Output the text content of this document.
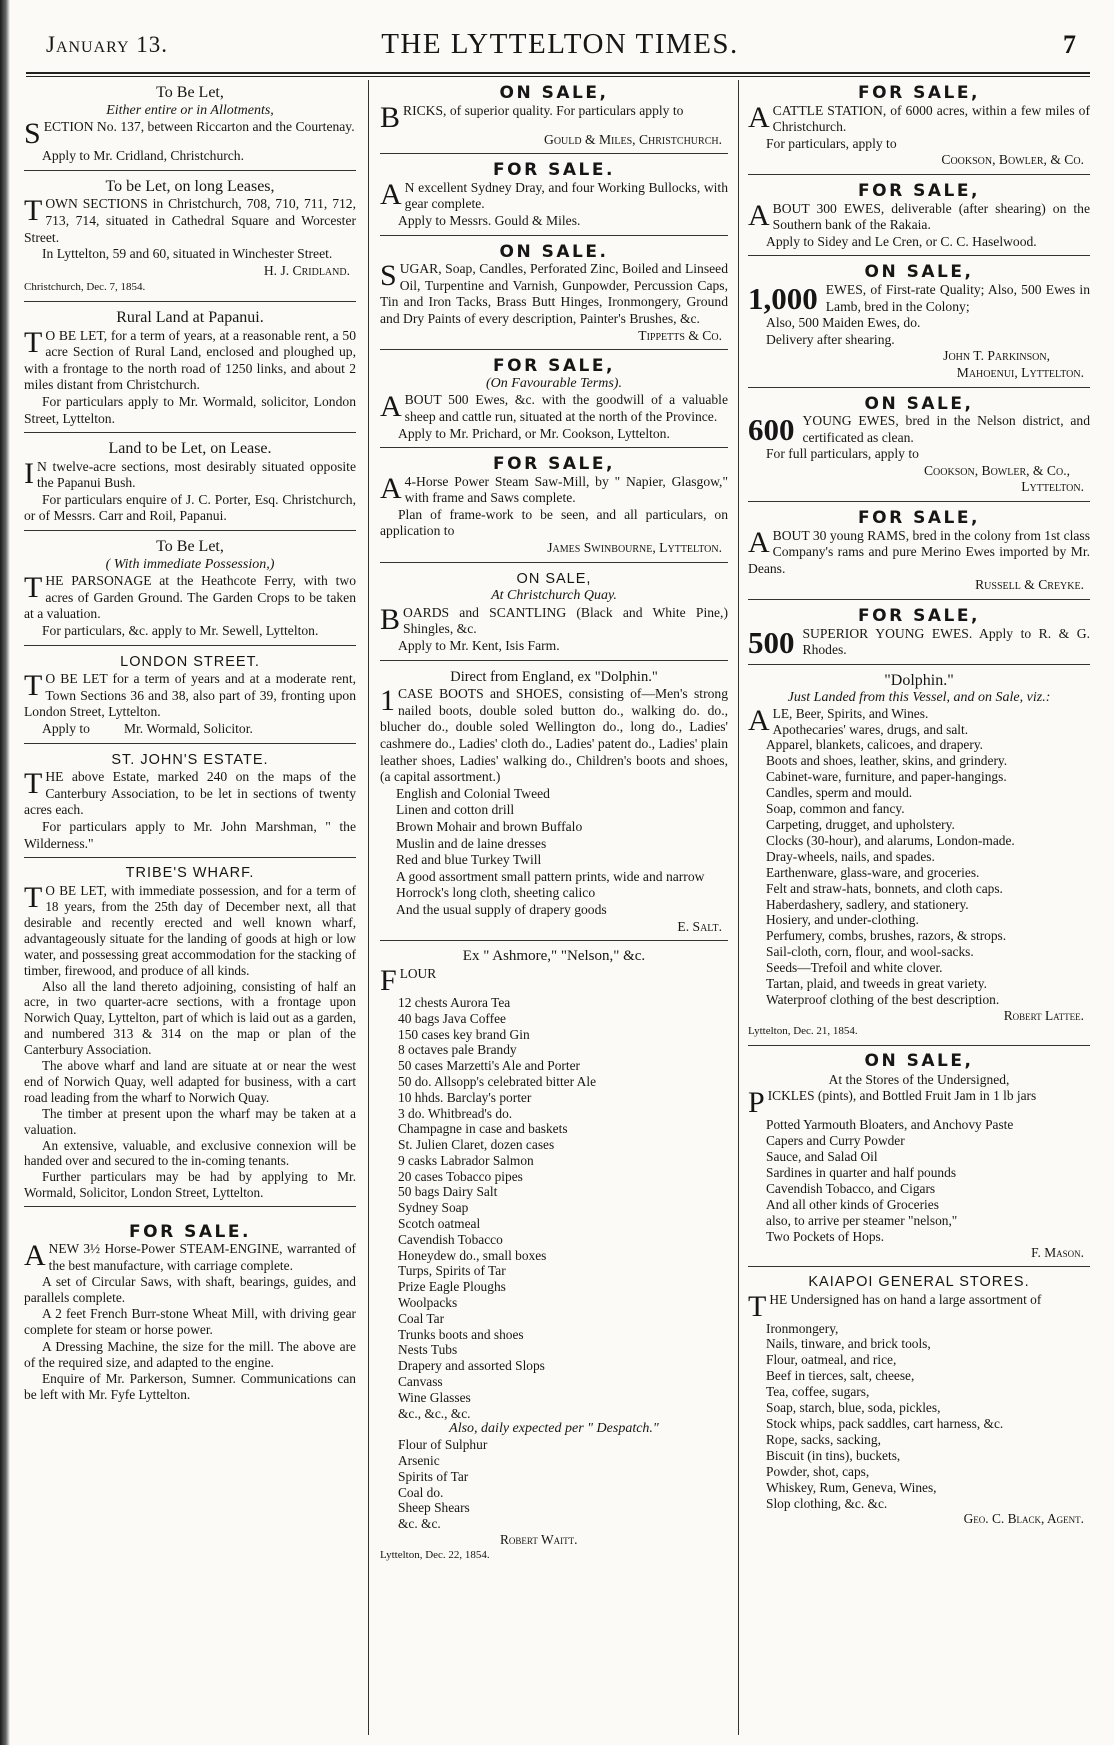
January 13.	THE LYTTELTON TIMES.	7
To Be Let,
Either entire or in Allotments,

SECTION No. 137, between Riccarton and the Courtenay.

Apply to Mr. Cridland, Christchurch.

To be Let, on long Leases,

TOWN SECTIONS in Christchurch, 708, 710, 711, 712, 713, 714, situated in Cathedral Square and Worcester Street.

In Lyttelton, 59 and 60, situated in Winchester Street.

H. J. Cridland.
Christchurch, Dec. 7, 1854.
Rural Land at Papanui.

T O BE LET, for a term of years, at a reasonable rent, a 50 acre Section of Rural Land, enclosed and ploughed up, with a frontage to the north road of 1250 links, and about 2 miles distant from Christchurch.

For particulars apply to Mr. Wormald, solicitor, London Street, Lyttelton.

Land to be Let, on Lease.

I N twelve-acre sections, most desirably situated opposite the Papanui Bush.

For particulars enquire of J. C. Porter, Esq. Christchurch, or of Messrs. Carr and Roil, Papanui.

To Be Let,
( With immediate Possession,)

THE PARSONAGE at the Heathcote Ferry, with two acres of Garden Ground. The Garden Crops to be taken at a valuation.

For particulars, &c. apply to Mr. Sewell, Lyttelton.

LONDON STREET.

T O BE LET for a term of years and at a moderate rent, Town Sections 36 and 38, also part of 39, fronting upon London Street, Lyttelton.

Apply to          Mr. Wormald, Solicitor.

ST. JOHN'S ESTATE.

THE above Estate, marked 240 on the maps of the Canterbury Association, to be let in sections of twenty acres each.

For particulars apply to Mr. John Marshman, " the Wilderness."

TRIBE'S WHARF.

T O BE LET, with immediate possession, and for a term of 18 years, from the 25th day of December next, all that desirable and recently erected and well known wharf, advantageously situate for the landing of goods at high or low water, and possessing great accommodation for the stacking of timber, firewood, and produce of all kinds.

Also all the land thereto adjoining, consisting of half an acre, in two quarter-acre sections, with a frontage upon Norwich Quay, Lyttelton, part of which is laid out as a garden, and numbered 313 & 314 on the map or plan of the Canterbury Association.

The above wharf and land are situate at or near the west end of Norwich Quay, well adapted for business, with a cart road leading from the wharf to Norwich Quay.

The timber at present upon the wharf may be taken at a valuation.

An extensive, valuable, and exclusive connexion will be handed over and secured to the in-coming tenants.

Further particulars may be had by applying to Mr. Wormald, Solicitor, London Street, Lyttelton.

FOR SALE.

ANEW 3½ Horse-Power STEAM-ENGINE, warranted of the best manufacture, with carriage complete.

A set of Circular Saws, with shaft, bearings, guides, and parallels complete.

A 2 feet French Burr-stone Wheat Mill, with driving gear complete for steam or horse power.

A Dressing Machine, the size for the mill. The above are of the required size, and adapted to the engine.

Enquire of Mr. Parkerson, Sumner. Communications can be left with Mr. Fyfe Lyttelton.

ON SALE,

BRICKS, of superior quality. For particulars apply to

Gould & Miles, Christchurch.
FOR SALE.

A N excellent Sydney Dray, and four Working Bullocks, with gear complete.

Apply to Messrs. Gould & Miles.

ON SALE.

SUGAR, Soap, Candles, Perforated Zinc, Boiled and Linseed Oil, Turpentine and Varnish, Gunpowder, Percussion Caps, Tin and Iron Tacks, Brass Butt Hinges, Ironmongery, Ground and Dry Paints of every description, Painter's Brushes, &c.

Tippetts & Co.
FOR SALE,
(On Favourable Terms).

ABOUT 500 Ewes, &c. with the goodwill of a valuable sheep and cattle run, situated at the north of the Province.

Apply to Mr. Prichard, or Mr. Cookson, Lyttelton.

FOR SALE,

A 4-Horse Power Steam Saw-Mill, by " Napier, Glasgow," with frame and Saws complete.

Plan of frame-work to be seen, and all particulars, on application to

James Swinbourne, Lyttelton.
ON SALE,
At Christchurch Quay.

BOARDS and SCANTLING (Black and White Pine,) Shingles, &c.

Apply to Mr. Kent, Isis Farm.

Direct from England, ex "Dolphin."

1 CASE BOOTS and SHOES, consisting of—Men's strong nailed boots, double soled button do., walking do. do., blucher do., double soled Wellington do., long do., Ladies' cashmere do., Ladies' cloth do., Ladies' patent do., Ladies' plain leather shoes, Ladies' walking do., Children's boots and shoes, (a capital assortment.)

English and Colonial Tweed
Linen and cotton drill
Brown Mohair and brown Buffalo
Muslin and de laine dresses
Red and blue Turkey Twill
A good assortment small pattern prints, wide and narrow
Horrock's long cloth, sheeting calico
And the usual supply of drapery goods
E. Salt.
Ex " Ashmore," "Nelson," &c.

FLOUR

12 chests Aurora Tea
40 bags Java Coffee
150 cases key brand Gin
8 octaves pale Brandy
50 cases Marzetti's Ale and Porter
50 do. Allsopp's celebrated bitter Ale
10 hhds. Barclay's porter
3 do. Whitbread's do.
Champagne in case and baskets
St. Julien Claret, dozen cases
9 casks Labrador Salmon
20 cases Tobacco pipes
50 bags Dairy Salt
Sydney Soap
Scotch oatmeal
Cavendish Tobacco
Honeydew do., small boxes
Turps, Spirits of Tar
Prize Eagle Ploughs
Woolpacks
Coal Tar
Trunks boots and shoes
Nests Tubs
Drapery and assorted Slops
Canvass
Wine Glasses
&c., &c., &c.
Also, daily expected per " Despatch."
Flour of Sulphur
Arsenic
Spirits of Tar
Coal do.
Sheep Shears
&c. &c.
Robert Waitt.
Lyttelton, Dec. 22, 1854.
FOR SALE,

A CATTLE STATION, of 6000 acres, within a few miles of Christchurch.

For particulars, apply to

Cookson, Bowler, & Co.
FOR SALE,

ABOUT 300 EWES, deliverable (after shearing) on the Southern bank of the Rakaia.

Apply to Sidey and Le Cren, or C. C. Haselwood.

ON SALE,

1,000 EWES, of First-rate Quality; Also, 500 Ewes in Lamb, bred in the Colony;

Also, 500 Maiden Ewes, do.

Delivery after shearing.

John T. Parkinson,
Mahoenui, Lyttelton.
ON SALE,

600 YOUNG EWES, bred in the Nelson district, and certificated as clean.

For full particulars, apply to

Cookson, Bowler, & Co.,
Lyttelton.
FOR SALE,

ABOUT 30 young RAMS, bred in the colony from 1st class Company's rams and pure Merino Ewes imported by Mr. Deans.

Russell & Creyke.
FOR SALE,

500 SUPERIOR YOUNG EWES. Apply to R. & G. Rhodes.

"Dolphin."
Just Landed from this Vessel, and on Sale, viz.:

ALE, Beer, Spirits, and Wines.

Apothecaries' wares, drugs, and salt.
Apparel, blankets, calicoes, and drapery.
Boots and shoes, leather, skins, and grindery.
Cabinet-ware, furniture, and paper-hangings.
Candles, sperm and mould.
Soap, common and fancy.
Carpeting, drugget, and upholstery.
Clocks (30-hour), and alarums, London-made.
Dray-wheels, nails, and spades.
Earthenware, glass-ware, and groceries.
Felt and straw-hats, bonnets, and cloth caps.
Haberdashery, sadlery, and stationery.
Hosiery, and under-clothing.
Perfumery, combs, brushes, razors, & strops.
Sail-cloth, corn, flour, and wool-sacks.
Seeds—Trefoil and white clover.
Tartan, plaid, and tweeds in great variety.
Waterproof clothing of the best description.
Robert Lattee.
Lyttelton, Dec. 21, 1854.
ON SALE,
At the Stores of the Undersigned,

PICKLES (pints), and Bottled Fruit Jam in 1 lb jars

Potted Yarmouth Bloaters, and Anchovy Paste
Capers and Curry Powder
Sauce, and Salad Oil
Sardines in quarter and half pounds
Cavendish Tobacco, and Cigars
And all other kinds of Groceries
also, to arrive per steamer "nelson,"
Two Pockets of Hops.
F. Mason.
KAIAPOI GENERAL STORES.

THE Undersigned has on hand a large assortment of

Ironmongery,
Nails, tinware, and brick tools,
Flour, oatmeal, and rice,
Beef in tierces, salt, cheese,
Tea, coffee, sugars,
Soap, starch, blue, soda, pickles,
Stock whips, pack saddles, cart harness, &c.
Rope, sacks, sacking,
Biscuit (in tins), buckets,
Powder, shot, caps,
Whiskey, Rum, Geneva, Wines,
Slop clothing, &c. &c.
Geo. C. Black, Agent.
